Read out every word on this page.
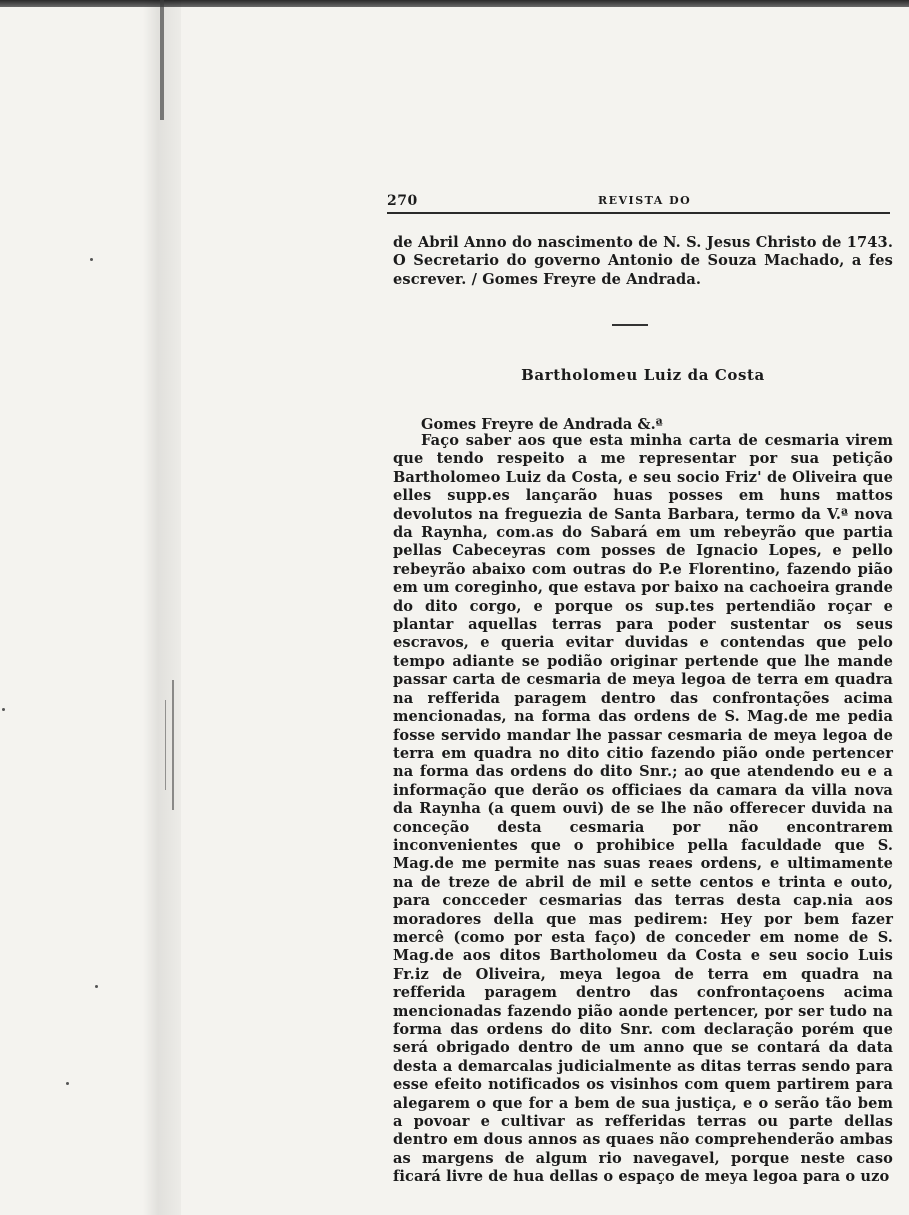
270	REVISTA DO

de Abril Anno do nascimento de N. S. Jesus Christo de 1743. O Secretario do governo Antonio de Souza Machado, a fes escrever. / Gomes Freyre de Andrada.

Bartholomeu Luiz da Costa
Gomes Freyre de Andrada &.ª

Faço saber aos que esta minha carta de cesmaria virem que tendo respeito a me representar por sua petição Bartholomeo Luiz da Costa, e seu socio Friz' de Oliveira que elles supp.es lançarão huas posses em huns mattos devolutos na freguezia de Santa Barbara, termo da V.ª nova da Raynha, com.as do Sabará em um rebeyrão que partia pellas Cabeceyras com posses de Ignacio Lopes, e pello rebeyrão abaixo com outras do P.e Florentino, fazendo pião em um coreginho, que estava por baixo na cachoeira grande do dito corgo, e porque os sup.tes pertendião roçar e plantar aquellas terras para poder sustentar os seus escravos, e queria evitar duvidas e contendas que pelo tempo adiante se podião originar pertende que lhe mande passar carta de cesmaria de meya legoa de terra em quadra na refferida paragem dentro das confrontações acima mencionadas, na forma das ordens de S. Mag.de me pedia fosse servido mandar lhe passar cesmaria de meya legoa de terra em quadra no dito citio fazendo pião onde pertencer na forma das ordens do dito Snr.; ao que atendendo eu e a informação que derão os officiaes da camara da villa nova da Raynha (a quem ouvi) de se lhe não offerecer duvida na conceção desta cesmaria por não encontrarem inconvenientes que o prohibice pella faculdade que S. Mag.de me permite nas suas reaes ordens, e ultimamente na de treze de abril de mil e sette centos e trinta e outo, para concceder cesmarias das terras desta cap.nia aos moradores della que mas pedirem: Hey por bem fazer mercê (como por esta faço) de conceder em nome de S. Mag.de aos ditos Bartholomeu da Costa e seu socio Luis Fr.iz de Oliveira, meya legoa de terra em quadra na refferida paragem dentro das confrontaçoens acima mencionadas fazendo pião aonde pertencer, por ser tudo na forma das ordens do dito Snr. com declaração porém que será obrigado dentro de um anno que se contará da data desta a demarcalas judicialmente as ditas terras sendo para esse efeito notificados os visinhos com quem partirem para alegarem o que for a bem de sua justiça, e o serão tão bem a povoar e cultivar as refferidas terras ou parte dellas dentro em dous annos as quaes não comprehenderão ambas as margens de algum rio navegavel, porque neste caso ficará livre de hua dellas o espaço de meya legoa para o uzo
